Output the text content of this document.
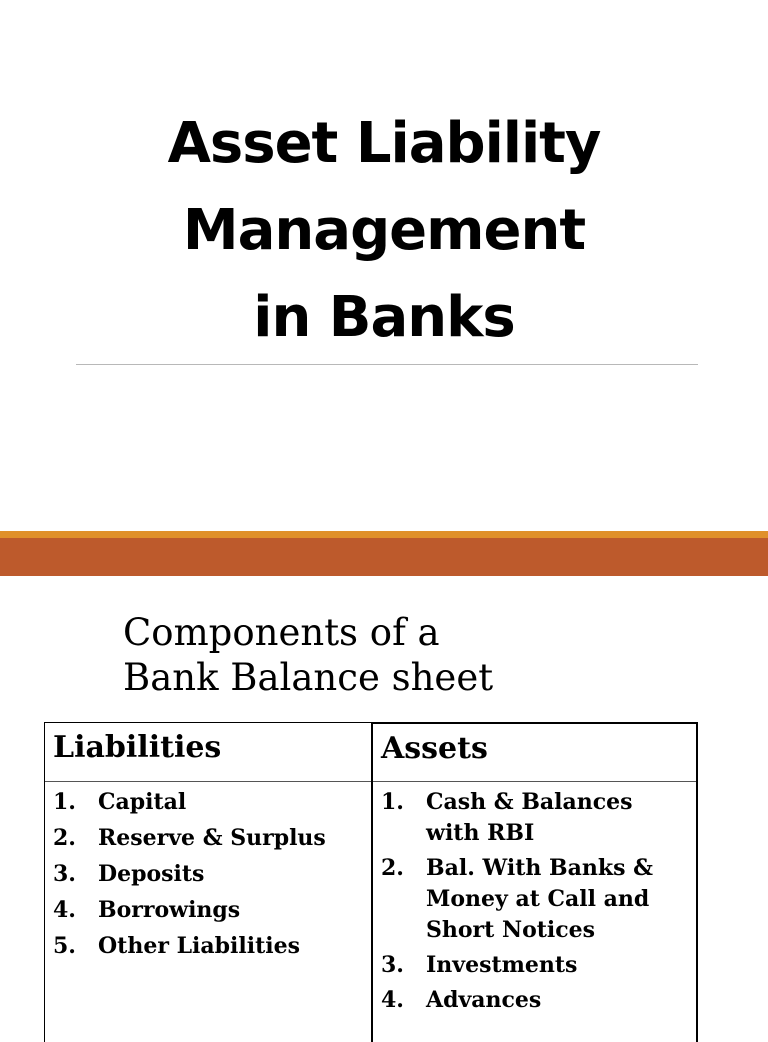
Asset Liability
Management
in Banks
Components of a
Bank Balance sheet
Liabilities	Assets
1.	Capital
2.	Reserve & Surplus
3.	Deposits
4.	Borrowings
5.	Other Liabilities
1.	Cash & Balances with RBI
2.	Bal. With Banks & Money at Call and Short Notices
3.	Investments
4.	Advances
